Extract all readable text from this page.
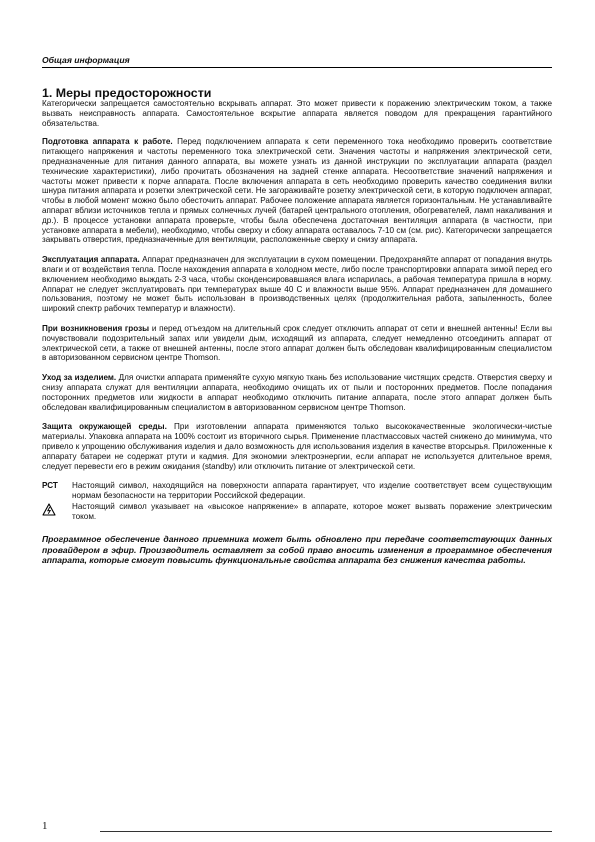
Общая информация
1. Меры предосторожности

Категорически запрещается самостоятельно вскрывать аппарат. Это может привести к поражению электрическим током, а также вызвать неисправность аппарата. Самостоятельное вскрытие аппарата является поводом для прекращения гарантийного обязательства.

Подготовка аппарата к работе. Перед подключением аппарата к сети переменного тока необходимо проверить соответствие питающего напряжения и частоты переменного тока электрической сети. Значения частоты и напряжения электрической сети, предназначенные для питания данного аппарата, вы можете узнать из данной инструкции по эксплуатации аппарата (раздел технические характеристики), либо прочитать обозначения на задней стенке аппарата. Несоответствие значений напряжения и частоты может привести к порче аппарата. После включения аппарата в сеть необходимо проверить качество соединения вилки шнура питания аппарата и розетки электрической сети. Не загораживайте розетку электрической сети, в которую подключен аппарат, чтобы в любой момент можно было обесточить аппарат. Рабочее положение аппарата является горизонтальным. Не устанавливайте аппарат вблизи источников тепла и прямых солнечных лучей (батарей центрального отопления, обогревателей, ламп накаливания и др.). В процессе установки аппарата проверьте, чтобы была обеспечена достаточная вентиляция аппарата (в частности, при установке аппарата в мебели), необходимо, чтобы сверху и сбоку аппарата оставалось 7-10 см (см. рис). Категорически запрещается закрывать отверстия, предназначенные для вентиляции, расположенные сверху и снизу аппарата.

Эксплуатация аппарата. Аппарат предназначен для эксплуатации в сухом помещении. Предохраняйте аппарат от попадания внутрь влаги и от воздействия тепла. После нахождения аппарата в холодном месте, либо после транспортировки аппарата зимой перед его включением необходимо выждать 2-3 часа, чтобы сконденсировавшаяся влага испарилась, а рабочая температура пришла в норму. Аппарат не следует эксплуатировать при температурах выше 40 С и влажности выше 95%. Аппарат предназначен для домашнего пользования, поэтому не может быть использован в производственных целях (продолжительная работа, запыленность, более широкий спектр рабочих температур и влажности).

При возникновения грозы и перед отъездом на длительный срок следует отключить аппарат от сети и внешней антенны! Если вы почувствовали подозрительный запах или увидели дым, исходящий из аппарата, следует немедленно отсоединить аппарат от электрической сети, а также от внешней антенны, после этого аппарат должен быть обследован квалифицированным специалистом в авторизованном сервисном центре Thomson.

Уход за изделием. Для очистки аппарата применяйте сухую мягкую ткань без использование чистящих средств. Отверстия сверху и снизу аппарата служат для вентиляции аппарата, необходимо очищать их от пыли и посторонних предметов. После попадания посторонних предметов или жидкости в аппарат необходимо отключить питание аппарата, после этого аппарат должен быть обследован квалифицированным специалистом в авторизованном сервисном центре Thomson.

Защита окружающей среды. При изготовлении аппарата применяются только высококачественные экологически-чистые материалы. Упаковка аппарата на 100% состоит из вторичного сырья. Применение пластмассовых частей снижено до минимума, что привело к упрощению обслуживания изделия и дало возможность для использования изделия в качестве вторсырья. Приложенные к аппарату батареи не содержат ртути и кадмия. Для экономии электроэнергии, если аппарат не используется длительное время, следует перевести его в режим ожидания (standby) или отключить питание от электрической сети.

РСТ	Настоящий символ, находящийся на поверхности аппарата гарантирует, что изделие соответствует всем существующим нормам безопасности на территории Российской федерации.
Настоящий символ указывает на «высокое напряжение» в аппарате, которое может вызвать поражение электрическим током.

Программное обеспечение данного приемника может быть обновлено при передаче соответствующих данных провайдером в эфир. Производитель оставляет за собой право вносить изменения в программное обеспечения аппарата, которые смогут повысить функциональные свойства аппарата без снижения качества работы.

1
